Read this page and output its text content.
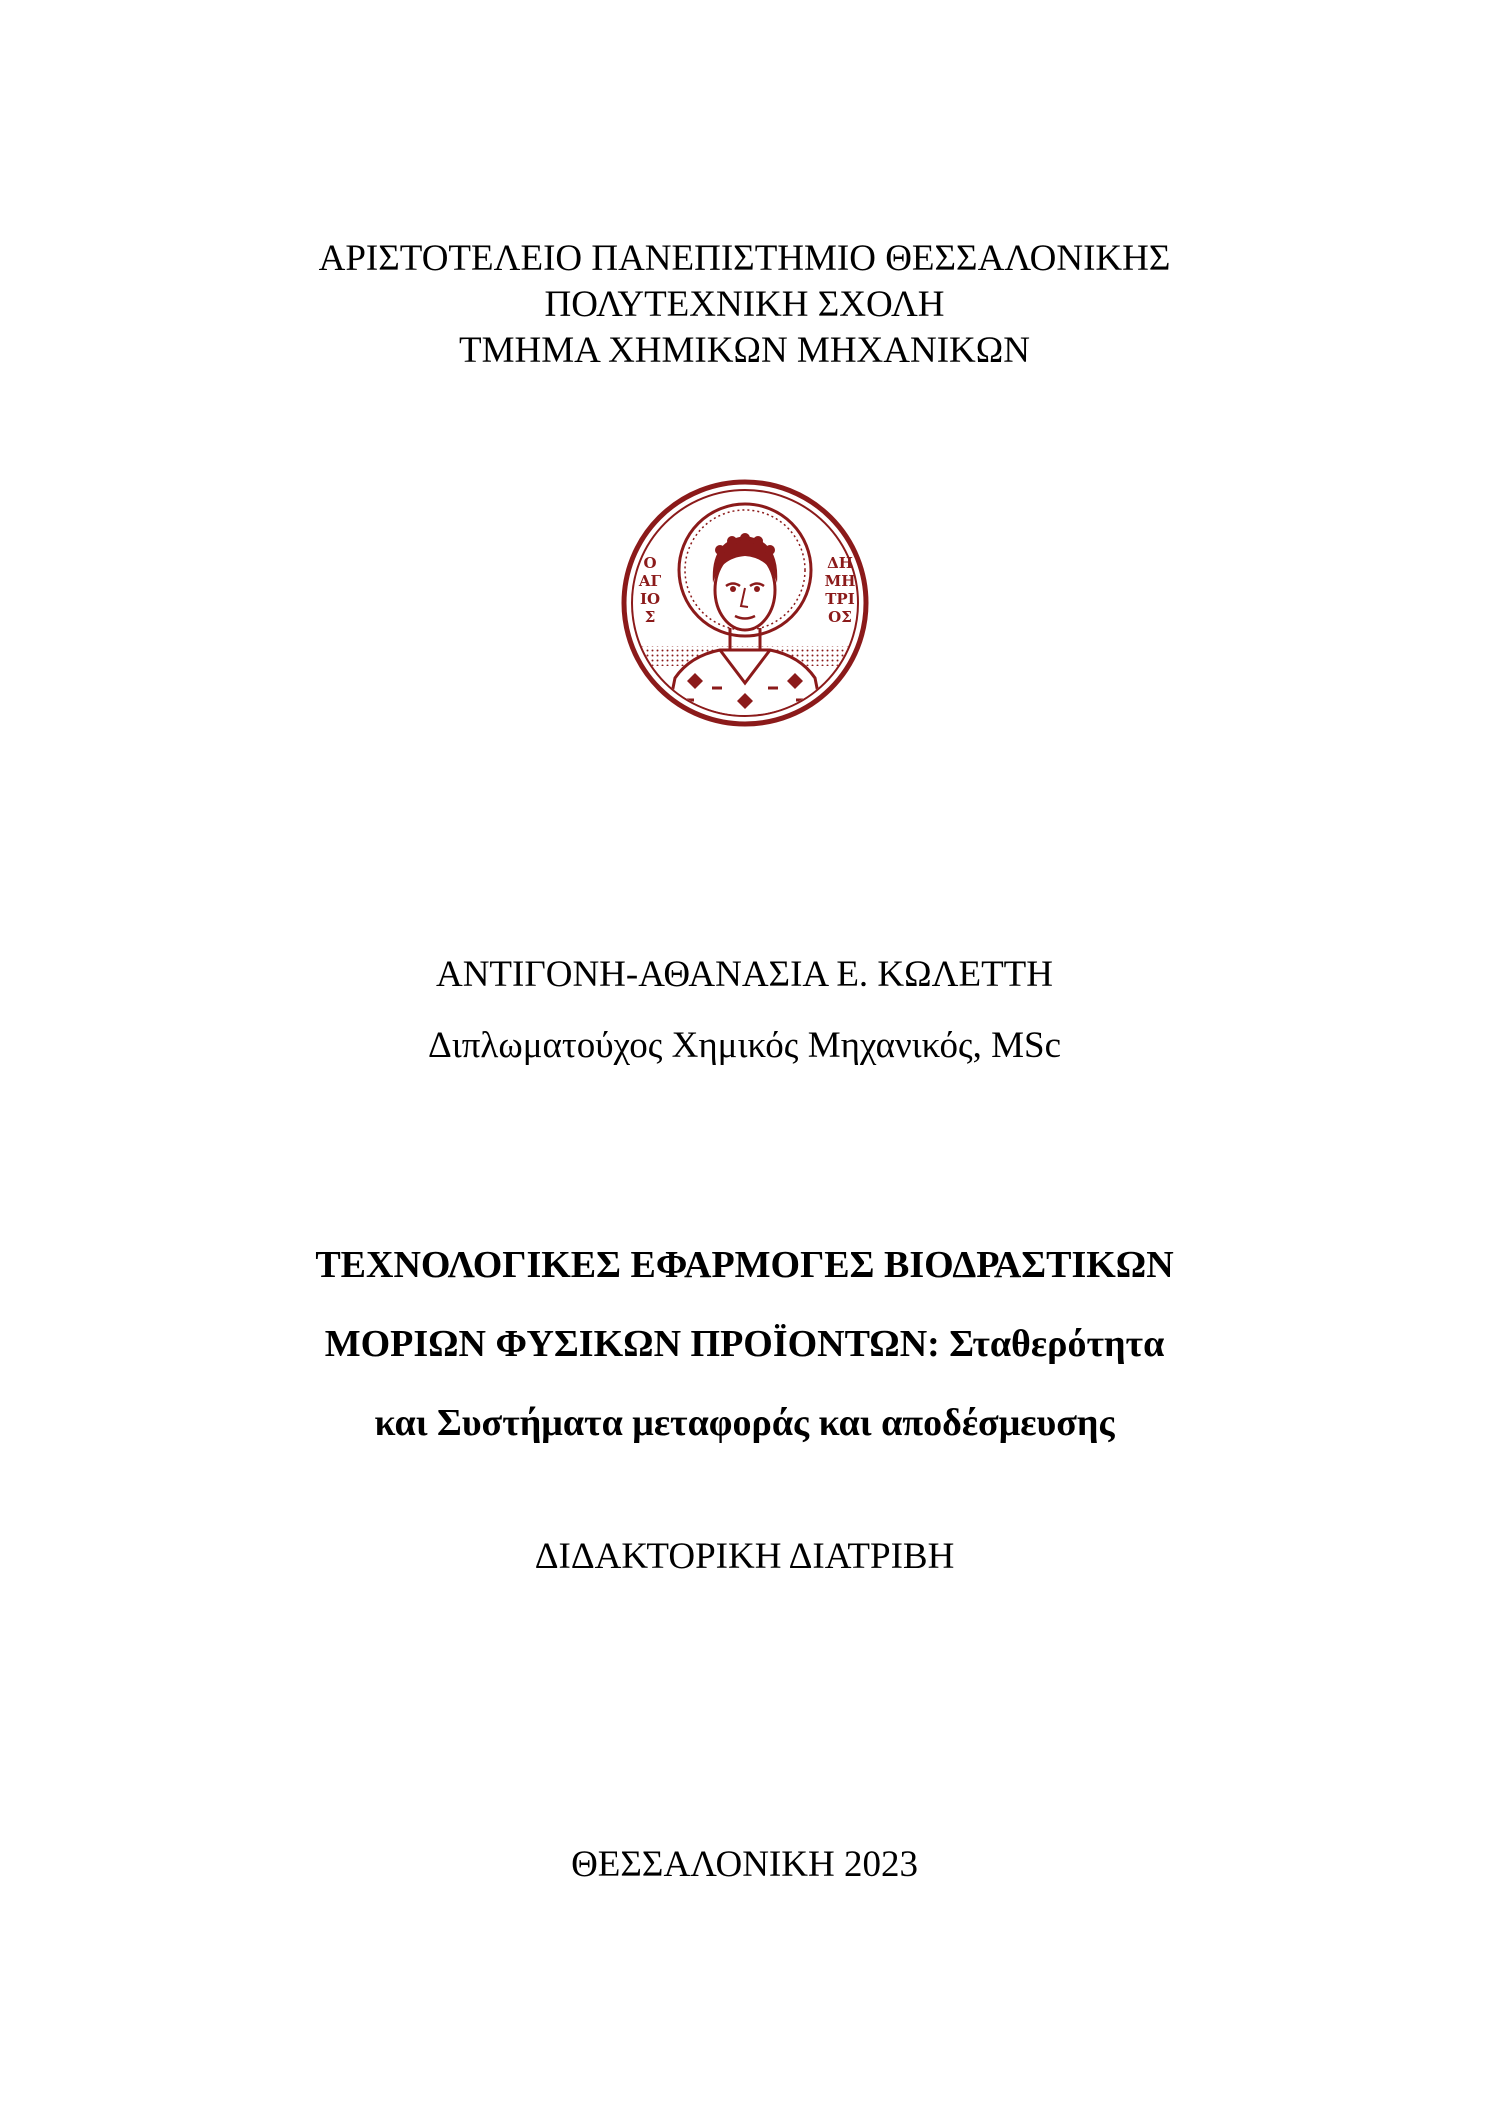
ΑΡΙΣΤΟΤΕΛΕΙΟ ΠΑΝΕΠΙΣΤΗΜΙΟ ΘΕΣΣΑΛΟΝΙΚΗΣ
ΠΟΛΥΤΕΧΝΙΚΗ ΣΧΟΛΗ
ΤΜΗΜΑ ΧΗΜΙΚΩΝ ΜΗΧΑΝΙΚΩΝ
Ο
ΑΓ
ΙΟ
Σ
ΔΗ
ΜΗ
ΤΡΙ
ΟΣ
ΑΝΤΙΓΟΝΗ-ΑΘΑΝΑΣΙΑ Ε. ΚΩΛΕΤΤΗ
Διπλωματούχος Χημικός Μηχανικός, MSc
ΤΕΧΝΟΛΟΓΙΚΕΣ ΕΦΑΡΜΟΓΕΣ ΒΙΟΔΡΑΣΤΙΚΩΝ
ΜΟΡΙΩΝ ΦΥΣΙΚΩΝ ΠΡΟΪΟΝΤΩΝ: Σταθερότητα
και Συστήματα μεταφοράς και αποδέσμευσης
ΔΙΔΑΚΤΟΡΙΚΗ ΔΙΑΤΡΙΒΗ
ΘΕΣΣΑΛΟΝΙΚΗ 2023
